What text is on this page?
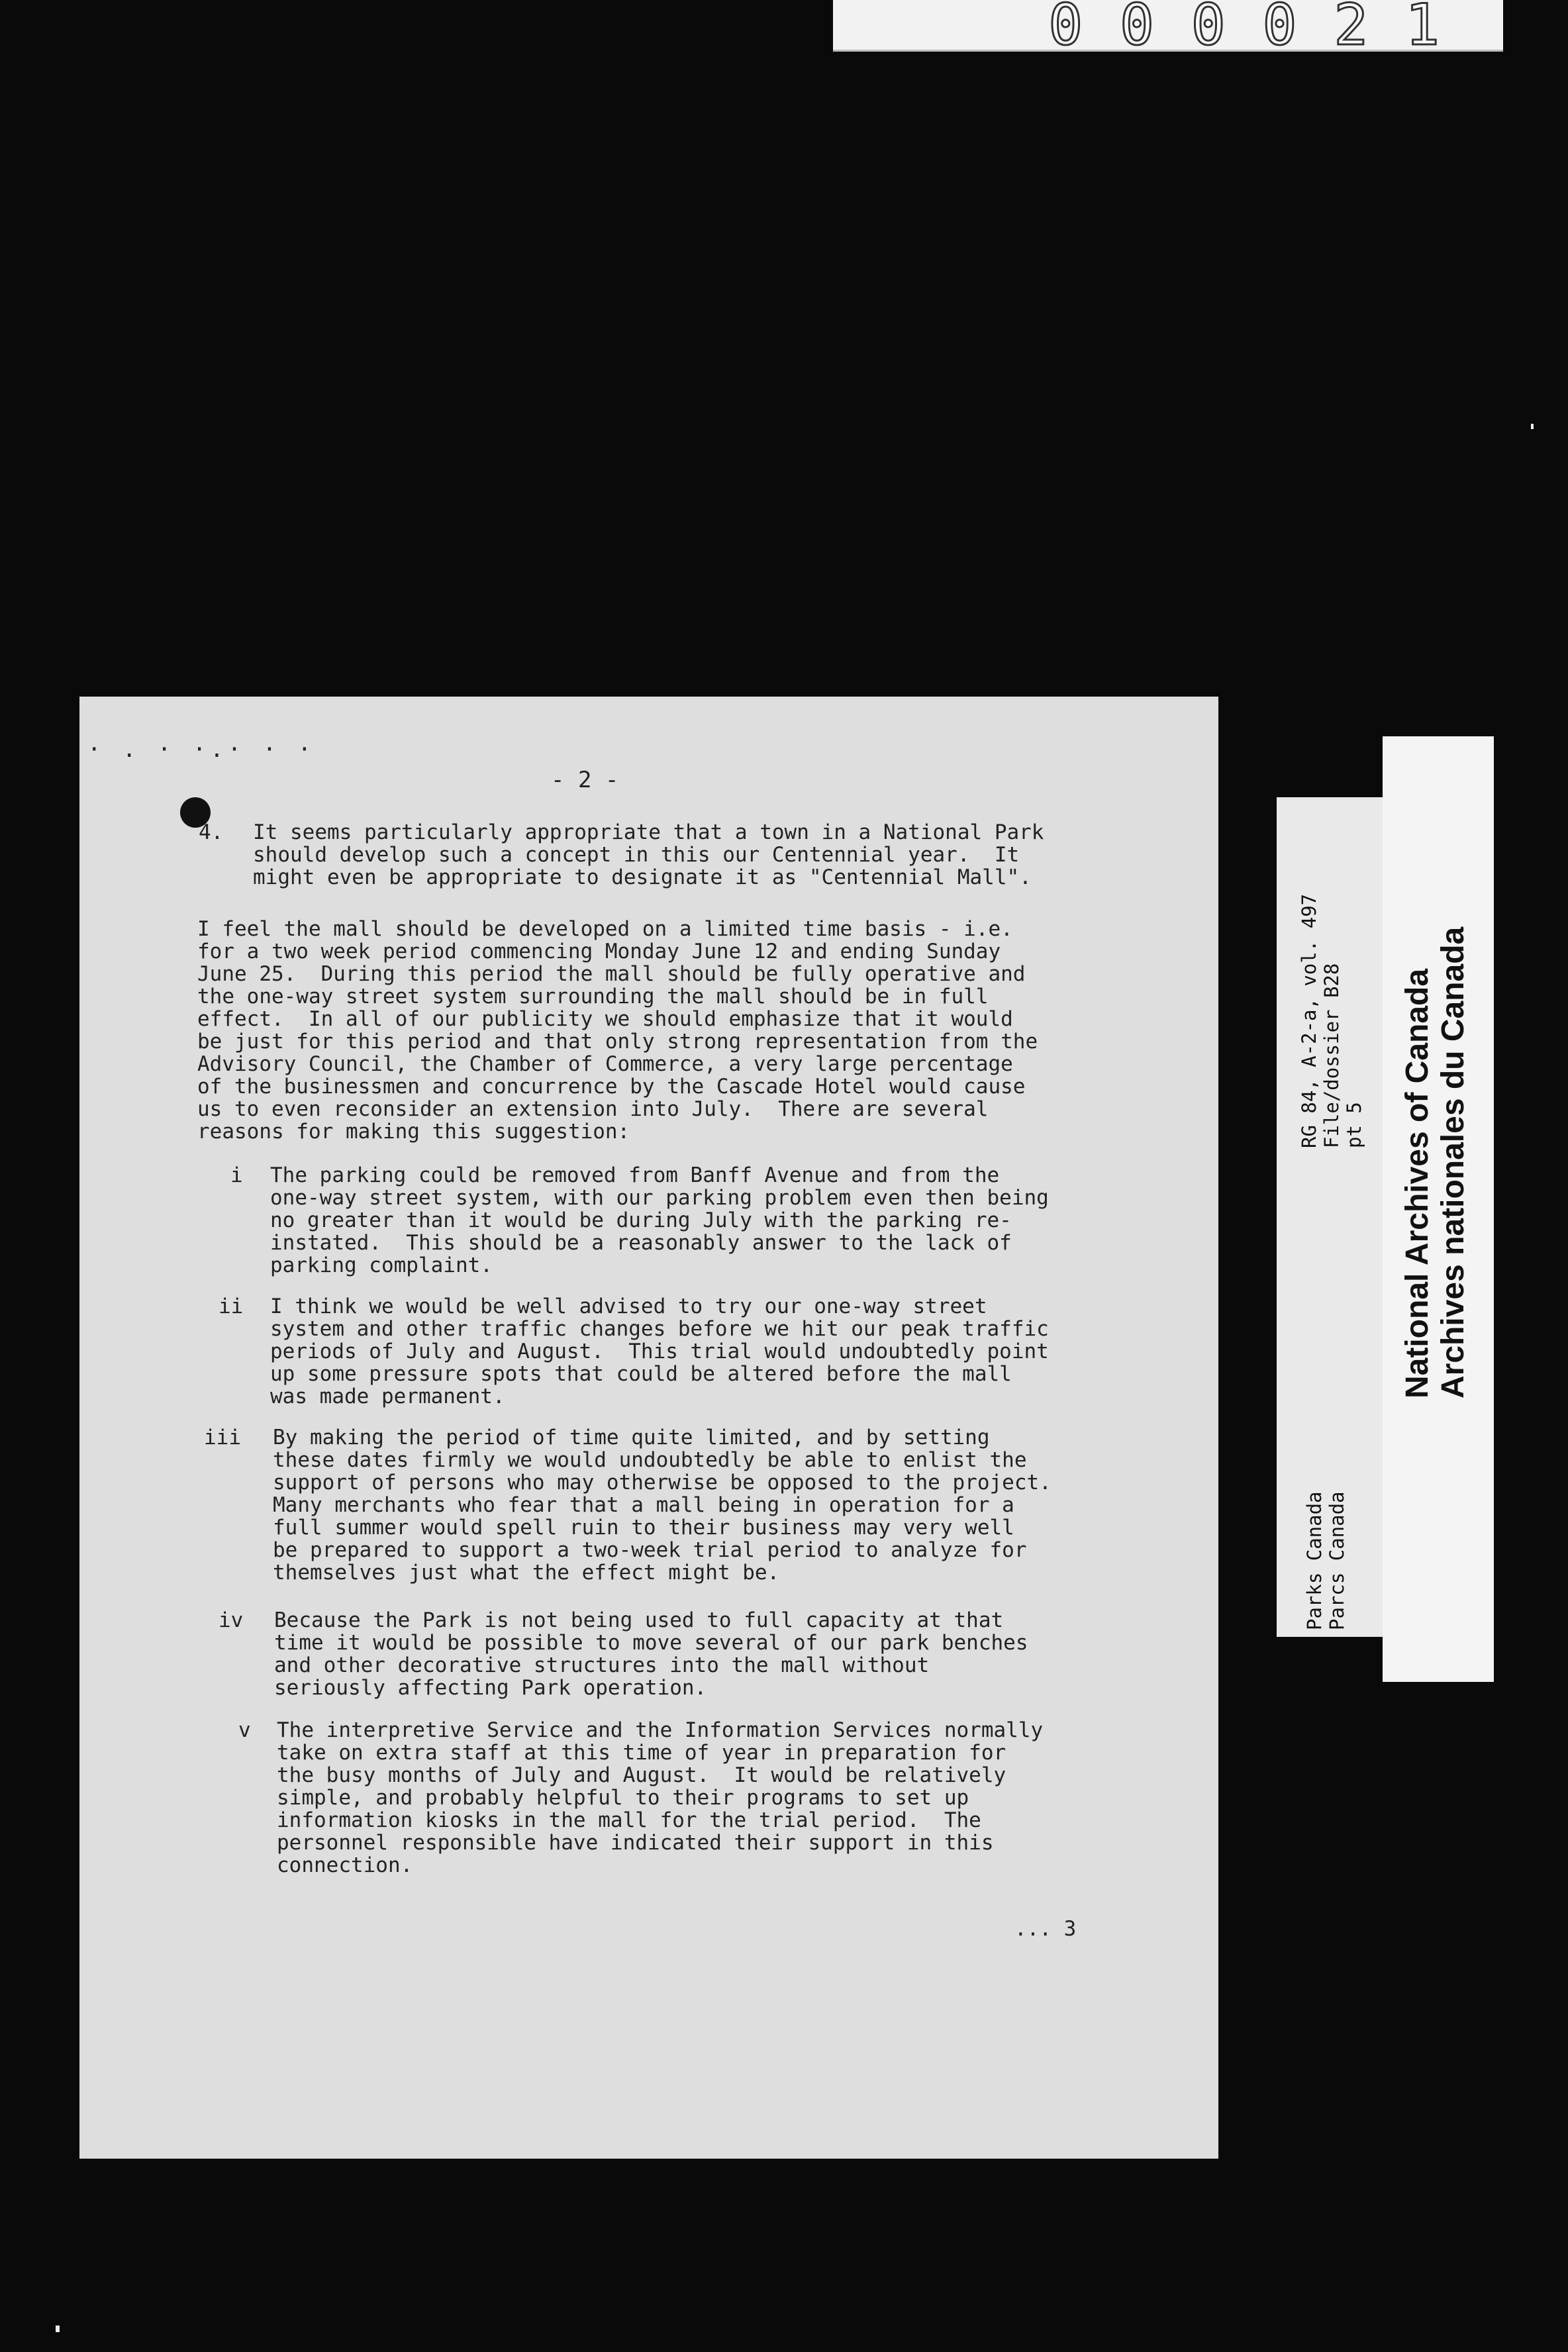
000021
· . · ·.· · ·
- 2 -
4. It seems particularly appropriate that a town in a National Park
should develop such a concept in this our Centennial year.  It
might even be appropriate to designate it as "Centennial Mall".
I feel the mall should be developed on a limited time basis - i.e.
for a two week period commencing Monday June 12 and ending Sunday
June 25.  During this period the mall should be fully operative and
the one-way street system surrounding the mall should be in full
effect.  In all of our publicity we should emphasize that it would
be just for this period and that only strong representation from the
Advisory Council, the Chamber of Commerce, a very large percentage
of the businessmen and concurrence by the Cascade Hotel would cause
us to even reconsider an extension into July.  There are several
reasons for making this suggestion:
i The parking could be removed from Banff Avenue and from the
one-way street system, with our parking problem even then being
no greater than it would be during July with the parking re-
instated.  This should be a reasonably answer to the lack of
parking complaint.
ii I think we would be well advised to try our one-way street
system and other traffic changes before we hit our peak traffic
periods of July and August.  This trial would undoubtedly point
up some pressure spots that could be altered before the mall
was made permanent.
iii By making the period of time quite limited, and by setting
these dates firmly we would undoubtedly be able to enlist the
support of persons who may otherwise be opposed to the project.
Many merchants who fear that a mall being in operation for a
full summer would spell ruin to their business may very well
be prepared to support a two-week trial period to analyze for
themselves just what the effect might be.
iv Because the Park is not being used to full capacity at that
time it would be possible to move several of our park benches
and other decorative structures into the mall without
seriously affecting Park operation.
v The interpretive Service and the Information Services normally
take on extra staff at this time of year in preparation for
the busy months of July and August.  It would be relatively
simple, and probably helpful to their programs to set up
information kiosks in the mall for the trial period.  The
personnel responsible have indicated their support in this
connection.
... 3
RG 84, A-2-a, vol. 497
File/dossier B28
pt 5
Parks Canada
Parcs Canada
National Archives of Canada
Archives nationales du Canada
